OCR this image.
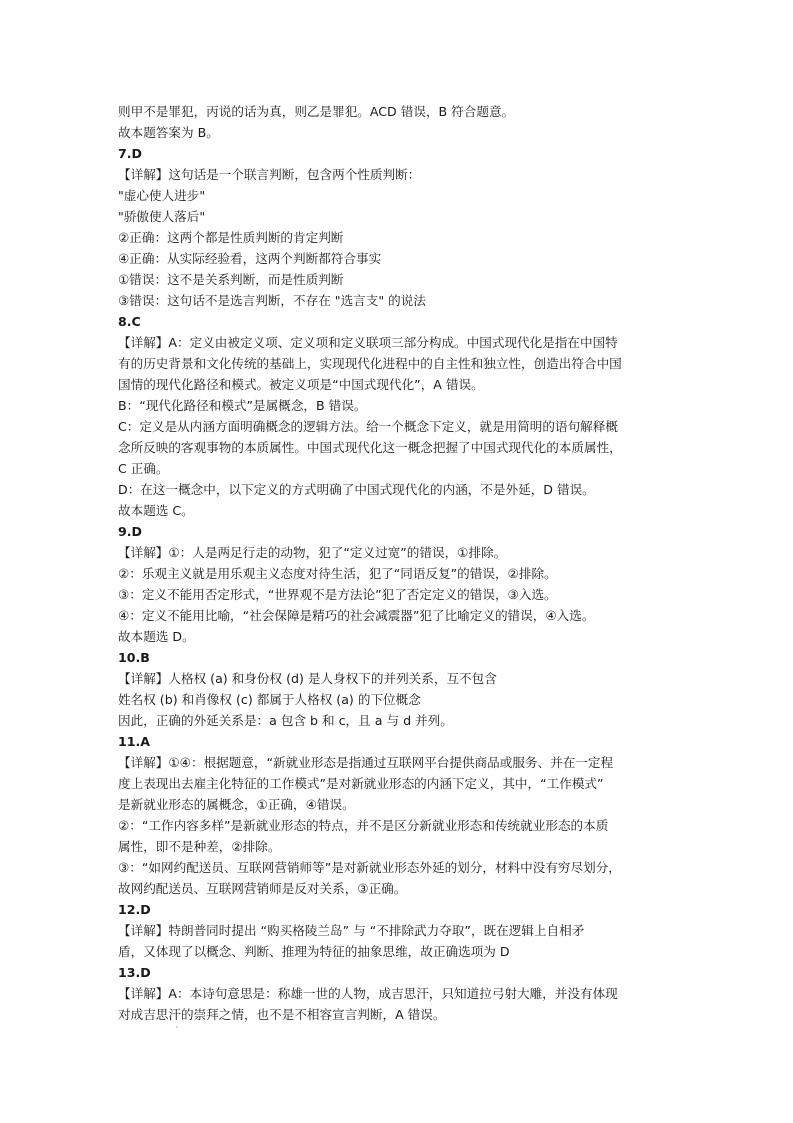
则甲不是罪犯，丙说的话为真，则乙是罪犯。ACD 错误，B 符合题意。
故本题答案为 B。
7.D
【详解】这句话是一个联言判断，包含两个性质判断：
"虚心使人进步"
"骄傲使人落后"
②正确：这两个都是性质判断的肯定判断
④正确：从实际经验看，这两个判断都符合事实
①错误：这不是关系判断，而是性质判断
③错误：这句话不是选言判断，不存在 "选言支" 的说法
8.C
【详解】A：定义由被定义项、定义项和定义联项三部分构成。中国式现代化是指在中国特
有的历史背景和文化传统的基础上，实现现代化进程中的自主性和独立性，创造出符合中国
国情的现代化路径和模式。被定义项是“中国式现代化”，A 错误。
B：“现代化路径和模式”是属概念，B 错误。
C：定义是从内涵方面明确概念的逻辑方法。给一个概念下定义，就是用简明的语句解释概
念所反映的客观事物的本质属性。中国式现代化这一概念把握了中国式现代化的本质属性，
C 正确。
D：在这一概念中，以下定义的方式明确了中国式现代化的内涵，不是外延，D 错误。
故本题选 C。
9.D
【详解】①：人是两足行走的动物，犯了“定义过宽”的错误，①排除。
②：乐观主义就是用乐观主义态度对待生活，犯了“同语反复”的错误，②排除。
③：定义不能用否定形式，“世界观不是方法论”犯了否定定义的错误，③入选。
④：定义不能用比喻，“社会保障是精巧的社会减震器”犯了比喻定义的错误，④入选。
故本题选 D。
10.B
【详解】人格权 (a) 和身份权 (d) 是人身权下的并列关系，互不包含
姓名权 (b) 和肖像权 (c) 都属于人格权 (a) 的下位概念
因此，正确的外延关系是：a 包含 b 和 c，且 a 与 d 并列。
11.A
【详解】①④：根据题意，“新就业形态是指通过互联网平台提供商品或服务、并在一定程
度上表现出去雇主化特征的工作模式”是对新就业形态的内涵下定义，其中，“工作模式”
是新就业形态的属概念，①正确，④错误。
②：“工作内容多样”是新就业形态的特点，并不是区分新就业形态和传统就业形态的本质
属性，即不是种差，②排除。
③：“如网约配送员、互联网营销师等”是对新就业形态外延的划分，材料中没有穷尽划分，
故网约配送员、互联网营销师是反对关系，③正确。
12.D
【详解】特朗普同时提出 “购买格陵兰岛” 与 “不排除武力夺取”，既在逻辑上自相矛
盾，又体现了以概念、判断、推理为特征的抽象思维，故正确选项为 D
13.D
【详解】A：本诗句意思是：称雄一世的人物，成吉思汗，只知道拉弓射大雕，并没有体现
对成吉思汗的崇拜之情，也不是不相容宣言判断，A 错误。
